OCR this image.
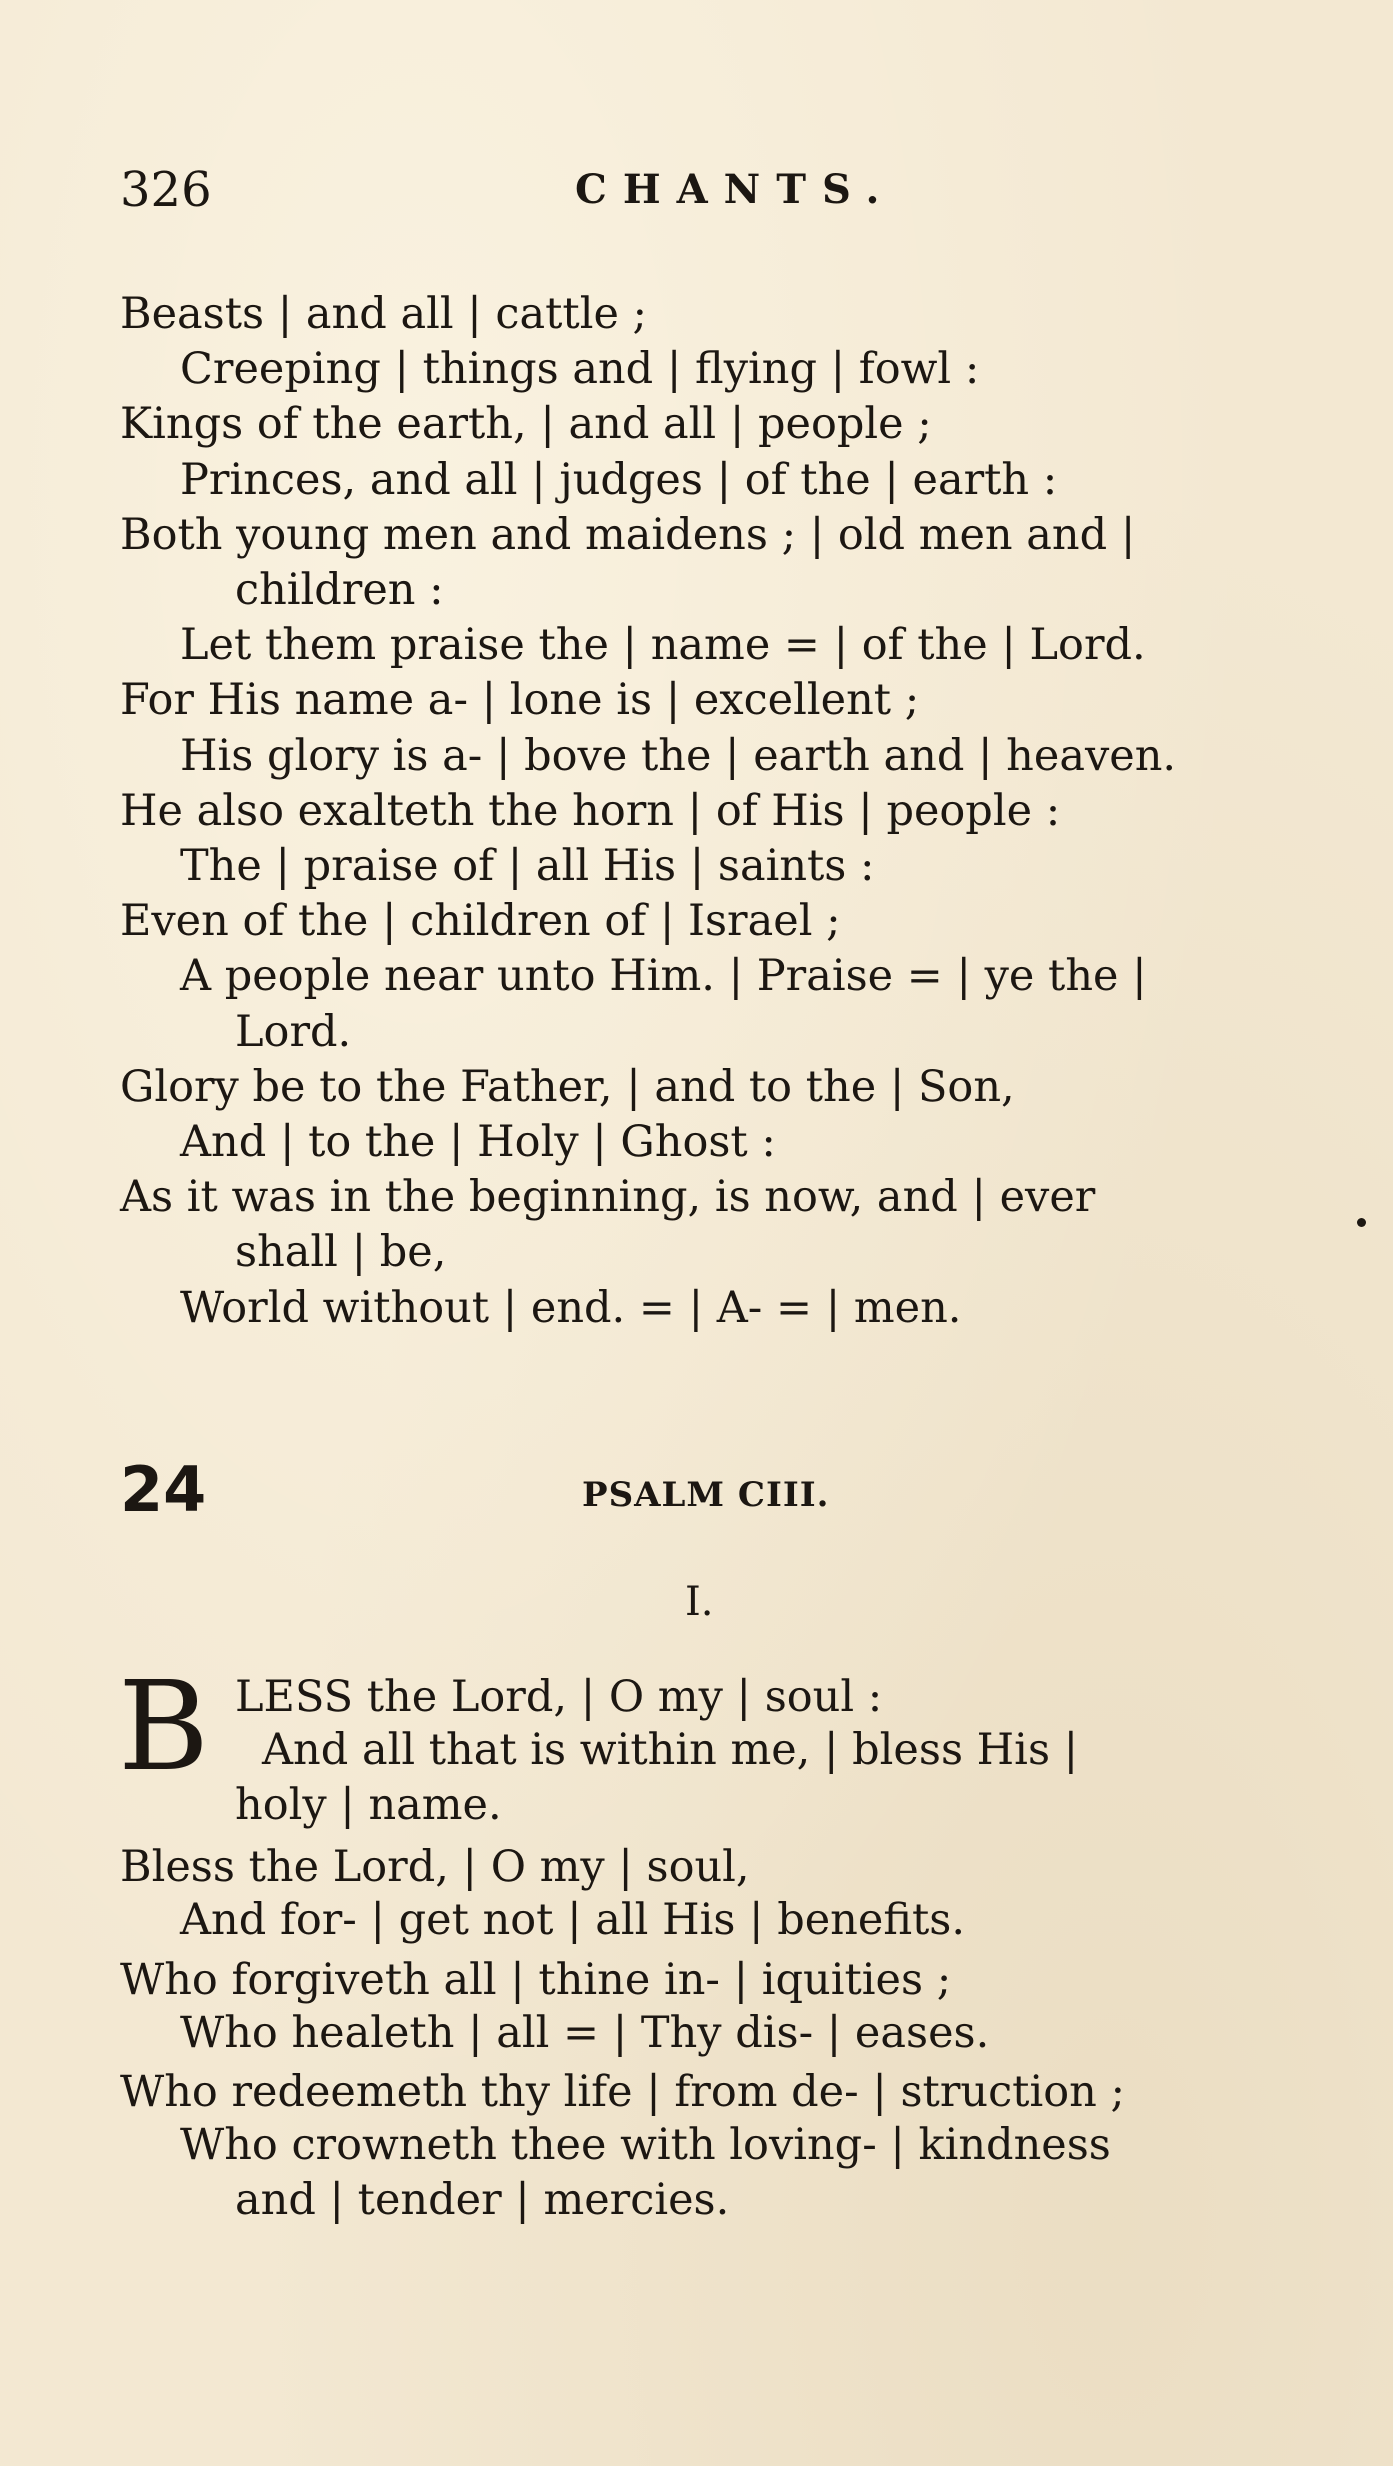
326	CHANTS.
Beasts | and all | cattle ;
Creeping | things and | flying | fowl :
Kings of the earth, | and all | people ;
Princes, and all | judges | of the | earth :
Both young men and maidens ; | old men and |
children :
Let them praise the | name = | of the | Lord.
For His name a- | lone is | excellent ;
His glory is a- | bove the | earth and | heaven.
He also exalteth the horn | of His | people :
The | praise of | all His | saints :
Even of the | children of | Israel ;
A people near unto Him. | Praise = | ye the |
Lord.
Glory be to the Father, | and to the | Son,
And | to the | Holy | Ghost :
As it was in the beginning, is now, and | ever
shall | be,
World without | end. = | A- = | men.
24	PSALM CIII.
I.
B LESS the Lord, | O my | soul :
And all that is within me, | bless His |
holy | name.
Bless the Lord, | O my | soul,
And for- | get not | all His | benefits.
Who forgiveth all | thine in- | iquities ;
Who healeth | all = | Thy dis- | eases.
Who redeemeth thy life | from de- | struction ;
Who crowneth thee with loving- | kindness
and | tender | mercies.
